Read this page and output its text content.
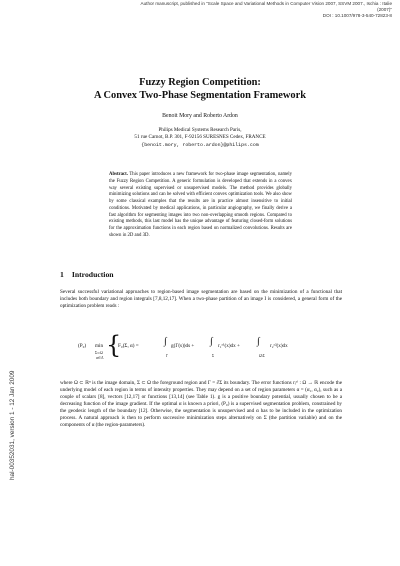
Author manuscript, published in "Scale Space and Variational Methods in Computer Vision 2007, SSVM 2007., Ischia : Italie
(2007)"
DOI : 10.1007/978-3-540-72823-8
hal-00352031, version 1 - 12 Jan 2009
Fuzzy Region Competition:
A Convex Two-Phase Segmentation Framework
Benoit Mory and Roberto Ardon
Philips Medical Systems Research Paris,
51 rue Carnot, B.P. 301, F-92156 SURESNES Cedex, FRANCE
{benoit.mory, roberto.ardon}@philips.com
Abstract. This paper introduces a new framework for two-phase image segmentation, namely the Fuzzy Region Competition. A generic formulation is developed that extends in a convex way several existing supervised or unsupervised models. The method provides globally minimizing solutions and can be solved with efficient convex optimization tools. We also show by some classical examples that the results are in practice almost insensitive to initial conditions. Motivated by medical applications, in particular angiography, we finally derive a fast algorithm for segmenting images into two non-overlapping smooth regions. Compared to existing methods, this last model has the unique advantage of featuring closed-form solutions for the approximation functions in each region based on normalized convolutions. Results are shown in 2D and 3D.
1 Introduction
Several successful variational approaches to region-based image segmentation are based on the minimization of a functional that includes both boundary and region integrals [7,8,12,17]. When a two-phase partition of an image I is considered, a general form of the optimization problem reads :
(P₀) min
Σ⊂Ω
α∈Λ {
F₀(Σ, α) =	∫
Γ
g(Γ(s))ds + ∫
Σ
r₁ᵃ¹(x)dx + ∫
Ω\Σ
r₂ᵃ²(x)dx
where Ω ⊂ ℝⁿ is the image domain, Σ ⊂ Ω the foreground region and Γ = ∂Σ its boundary. The error functions rᵢᵃⁱ : Ω → ℝ encode the underlying model of each region in terms of intensity properties. They may depend on a set of region parameters α = (α₁, α₂), such as a couple of scalars [8], vectors [12,17] or functions [13,14] (see Table 1). g is a positive boundary potential, usually chosen to be a decreasing function of the image gradient. If the optimal α is known a priori, (P₀) is a supervised segmentation problem, constrained by the geodesic length of the boundary [12]. Otherwise, the segmentation is unsupervised and α has to be included in the optimization process. A natural approach is then to perform successive minimization steps alternatively on Σ (the partition variable) and on the components of α (the region-parameters).
